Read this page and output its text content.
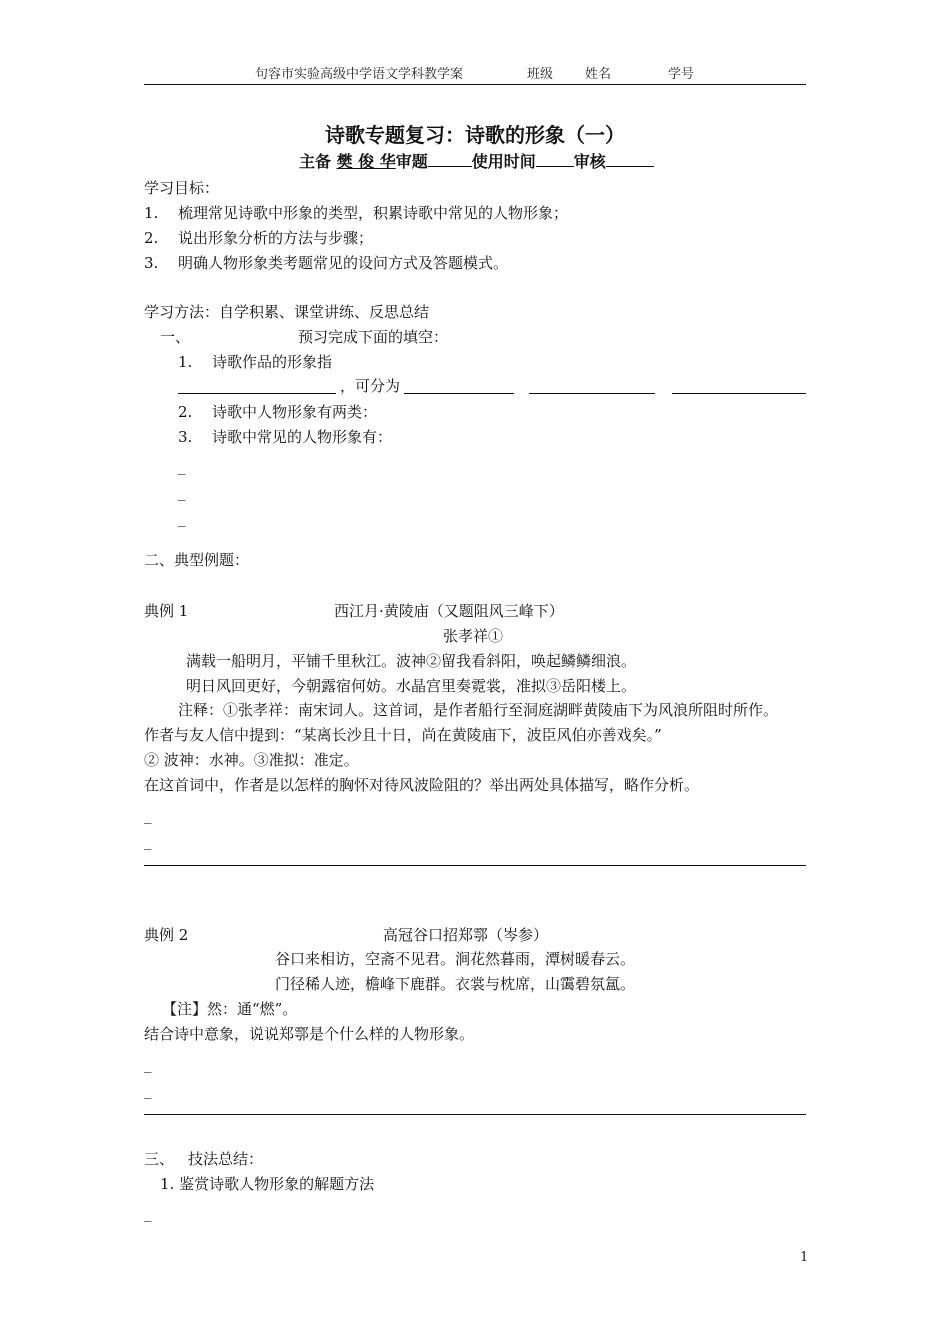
句容市实验高级中学语文学科教学案	班级 姓名	学号
诗歌专题复习：诗歌的形象（一）
主备 樊 俊 华审题	使用时间 审核
学习目标：
1. 梳理常见诗歌中形象的类型，积累诗歌中常见的人物形象；
2. 说出形象分析的方法与步骤；
3. 明确人物形象类考题常见的设问方式及答题模式。
学习方法：自学积累、课堂讲练、反思总结
一、	预习完成下面的填空：
1. 诗歌作品的形象指
，可分为
2. 诗歌中人物形象有两类：
3. 诗歌中常见的人物形象有：
_
_
_
二、典型例题：
典例 1	西江月·黄陵庙（又题阻风三峰下）
张孝祥①
满载一船明月，平铺千里秋江。波神②留我看斜阳，唤起鳞鳞细浪。
明日风回更好，今朝露宿何妨。水晶宫里奏霓裳，准拟③岳阳楼上。
注释：①张孝祥：南宋词人。这首词，是作者船行至洞庭湖畔黄陵庙下为风浪所阻时所作。
作者与友人信中提到：“某离长沙且十日，尚在黄陵庙下，波臣风伯亦善戏矣。”
② 波神：水神。③准拟：准定。
在这首词中，作者是以怎样的胸怀对待风波险阻的？举出两处具体描写，略作分析。
_
_
典例 2	高冠谷口招郑鄠（岑参）
谷口来相访，空斋不见君。涧花然暮雨，潭树暖春云。
门径稀人迹，檐峰下鹿群。衣裳与枕席，山霭碧氛氲。
【注】然：通“燃”。
结合诗中意象，说说郑鄠是个什么样的人物形象。
_
_
三、 技法总结：
1. 鉴赏诗歌人物形象的解题方法
_
1
